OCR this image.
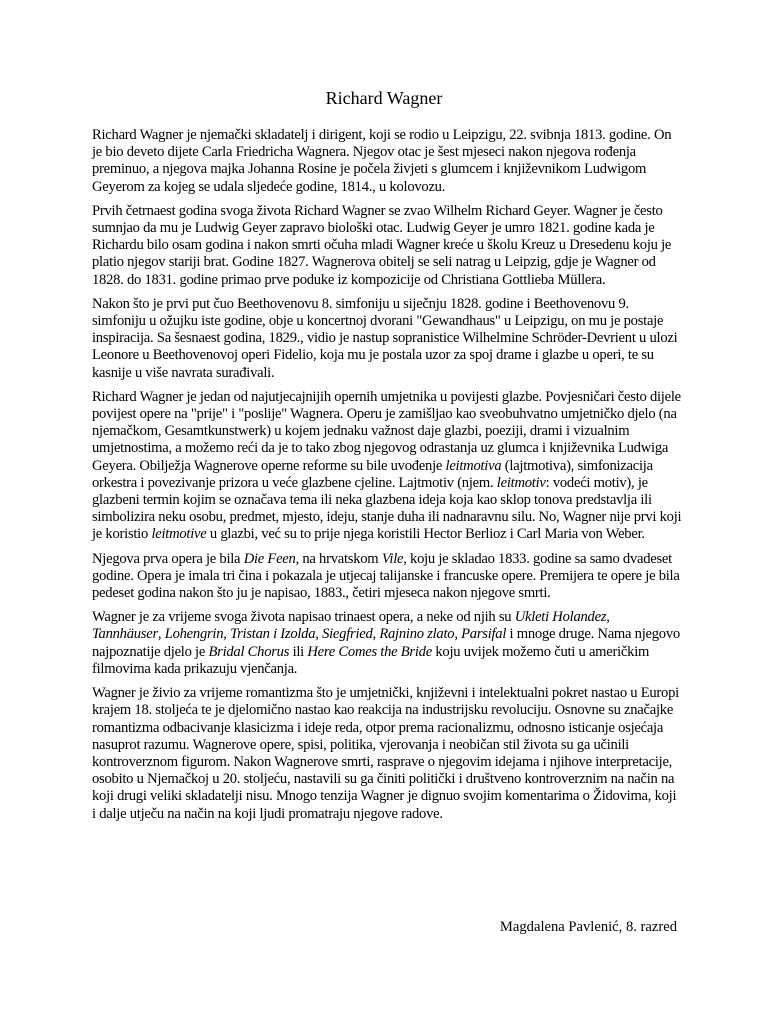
Richard Wagner

Richard Wagner je njemački skladatelj i dirigent, koji se rodio u Leipzigu, 22. svibnja 1813. godine. On je bio deveto dijete Carla Friedricha Wagnera. Njegov otac je šest mjeseci nakon njegova rođenja preminuo, a njegova majka Johanna Rosine je počela živjeti s glumcem i književnikom Ludwigom Geyerom za kojeg se udala sljedeće godine, 1814., u kolovozu.

Prvih četrnaest godina svoga života Richard Wagner se zvao Wilhelm Richard Geyer. Wagner je često sumnjao da mu je Ludwig Geyer zapravo biološki otac. Ludwig Geyer je umro 1821. godine kada je Richardu bilo osam godina i nakon smrti očuha mladi Wagner kreće u školu Kreuz u Dresedenu koju je platio njegov stariji brat. Godine 1827. Wagnerova obitelj se seli natrag u Leipzig, gdje je Wagner od 1828. do 1831. godine primao prve poduke iz kompozicije od Christiana Gottlieba Müllera.

Nakon što je prvi put čuo Beethovenovu 8. simfoniju u siječnju 1828. godine i Beethovenovu 9. simfoniju u ožujku iste godine, obje u koncertnoj dvorani "Gewandhaus" u Leipzigu, on mu je postaje inspiracija. Sa šesnaest godina, 1829., vidio je nastup sopranistice Wilhelmine Schröder-Devrient u ulozi Leonore u Beethovenovoj operi Fidelio, koja mu je postala uzor za spoj drame i glazbe u operi, te su kasnije u više navrata surađivali.

Richard Wagner je jedan od najutjecajnijih opernih umjetnika u povijesti glazbe. Povjesničari često dijele povijest opere na "prije" i "poslije" Wagnera. Operu je zamišljao kao sveobuhvatno umjetničko djelo (na njemačkom, Gesamtkunstwerk) u kojem jednaku važnost daje glazbi, poeziji, drami i vizualnim umjetnostima, a možemo reći da je to tako zbog njegovog odrastanja uz glumca i književnika Ludwiga Geyera. Obilježja Wagnerove operne reforme su bile uvođenje leitmotiva (lajtmotiva), simfonizacija orkestra i povezivanje prizora u veće glazbene cjeline. Lajtmotiv (njem. leitmotiv: vodeći motiv), je glazbeni termin kojim se označava tema ili neka glazbena ideja koja kao sklop tonova predstavlja ili simbolizira neku osobu, predmet, mjesto, ideju, stanje duha ili nadnaravnu silu. No, Wagner nije prvi koji je koristio leitmotive u glazbi, već su to prije njega koristili Hector Berlioz i Carl Maria von Weber.

Njegova prva opera je bila Die Feen, na hrvatskom Vile, koju je skladao 1833. godine sa samo dvadeset godine. Opera je imala tri čina i pokazala je utjecaj talijanske i francuske opere. Premijera te opere je bila pedeset godina nakon što ju je napisao, 1883., četiri mjeseca nakon njegove smrti.

Wagner je za vrijeme svoga života napisao trinaest opera, a neke od njih su Ukleti Holandez, Tannhäuser, Lohengrin, Tristan i Izolda, Siegfried, Rajnino zlato, Parsifal i mnoge druge. Nama njegovo najpoznatije djelo je Bridal Chorus ili Here Comes the Bride koju uvijek možemo čuti u američkim filmovima kada prikazuju vjenčanja.

Wagner je živio za vrijeme romantizma što je umjetnički, književni i intelektualni pokret nastao u Europi krajem 18. stoljeća te je djelomično nastao kao reakcija na industrijsku revoluciju. Osnovne su značajke romantizma odbacivanje klasicizma i ideje reda, otpor prema racionalizmu, odnosno isticanje osjećaja nasuprot razumu. Wagnerove opere, spisi, politika, vjerovanja i neobičan stil života su ga učinili kontroverznom figurom. Nakon Wagnerove smrti, rasprave o njegovim idejama i njihove interpretacije, osobito u Njemačkoj u 20. stoljeću, nastavili su ga činiti politički i društveno kontroverznim na način na koji drugi veliki skladatelji nisu. Mnogo tenzija Wagner je dignuo svojim komentarima o Židovima, koji i dalje utječu na način na koji ljudi promatraju njegove radove.

Magdalena Pavlenić, 8. razred
